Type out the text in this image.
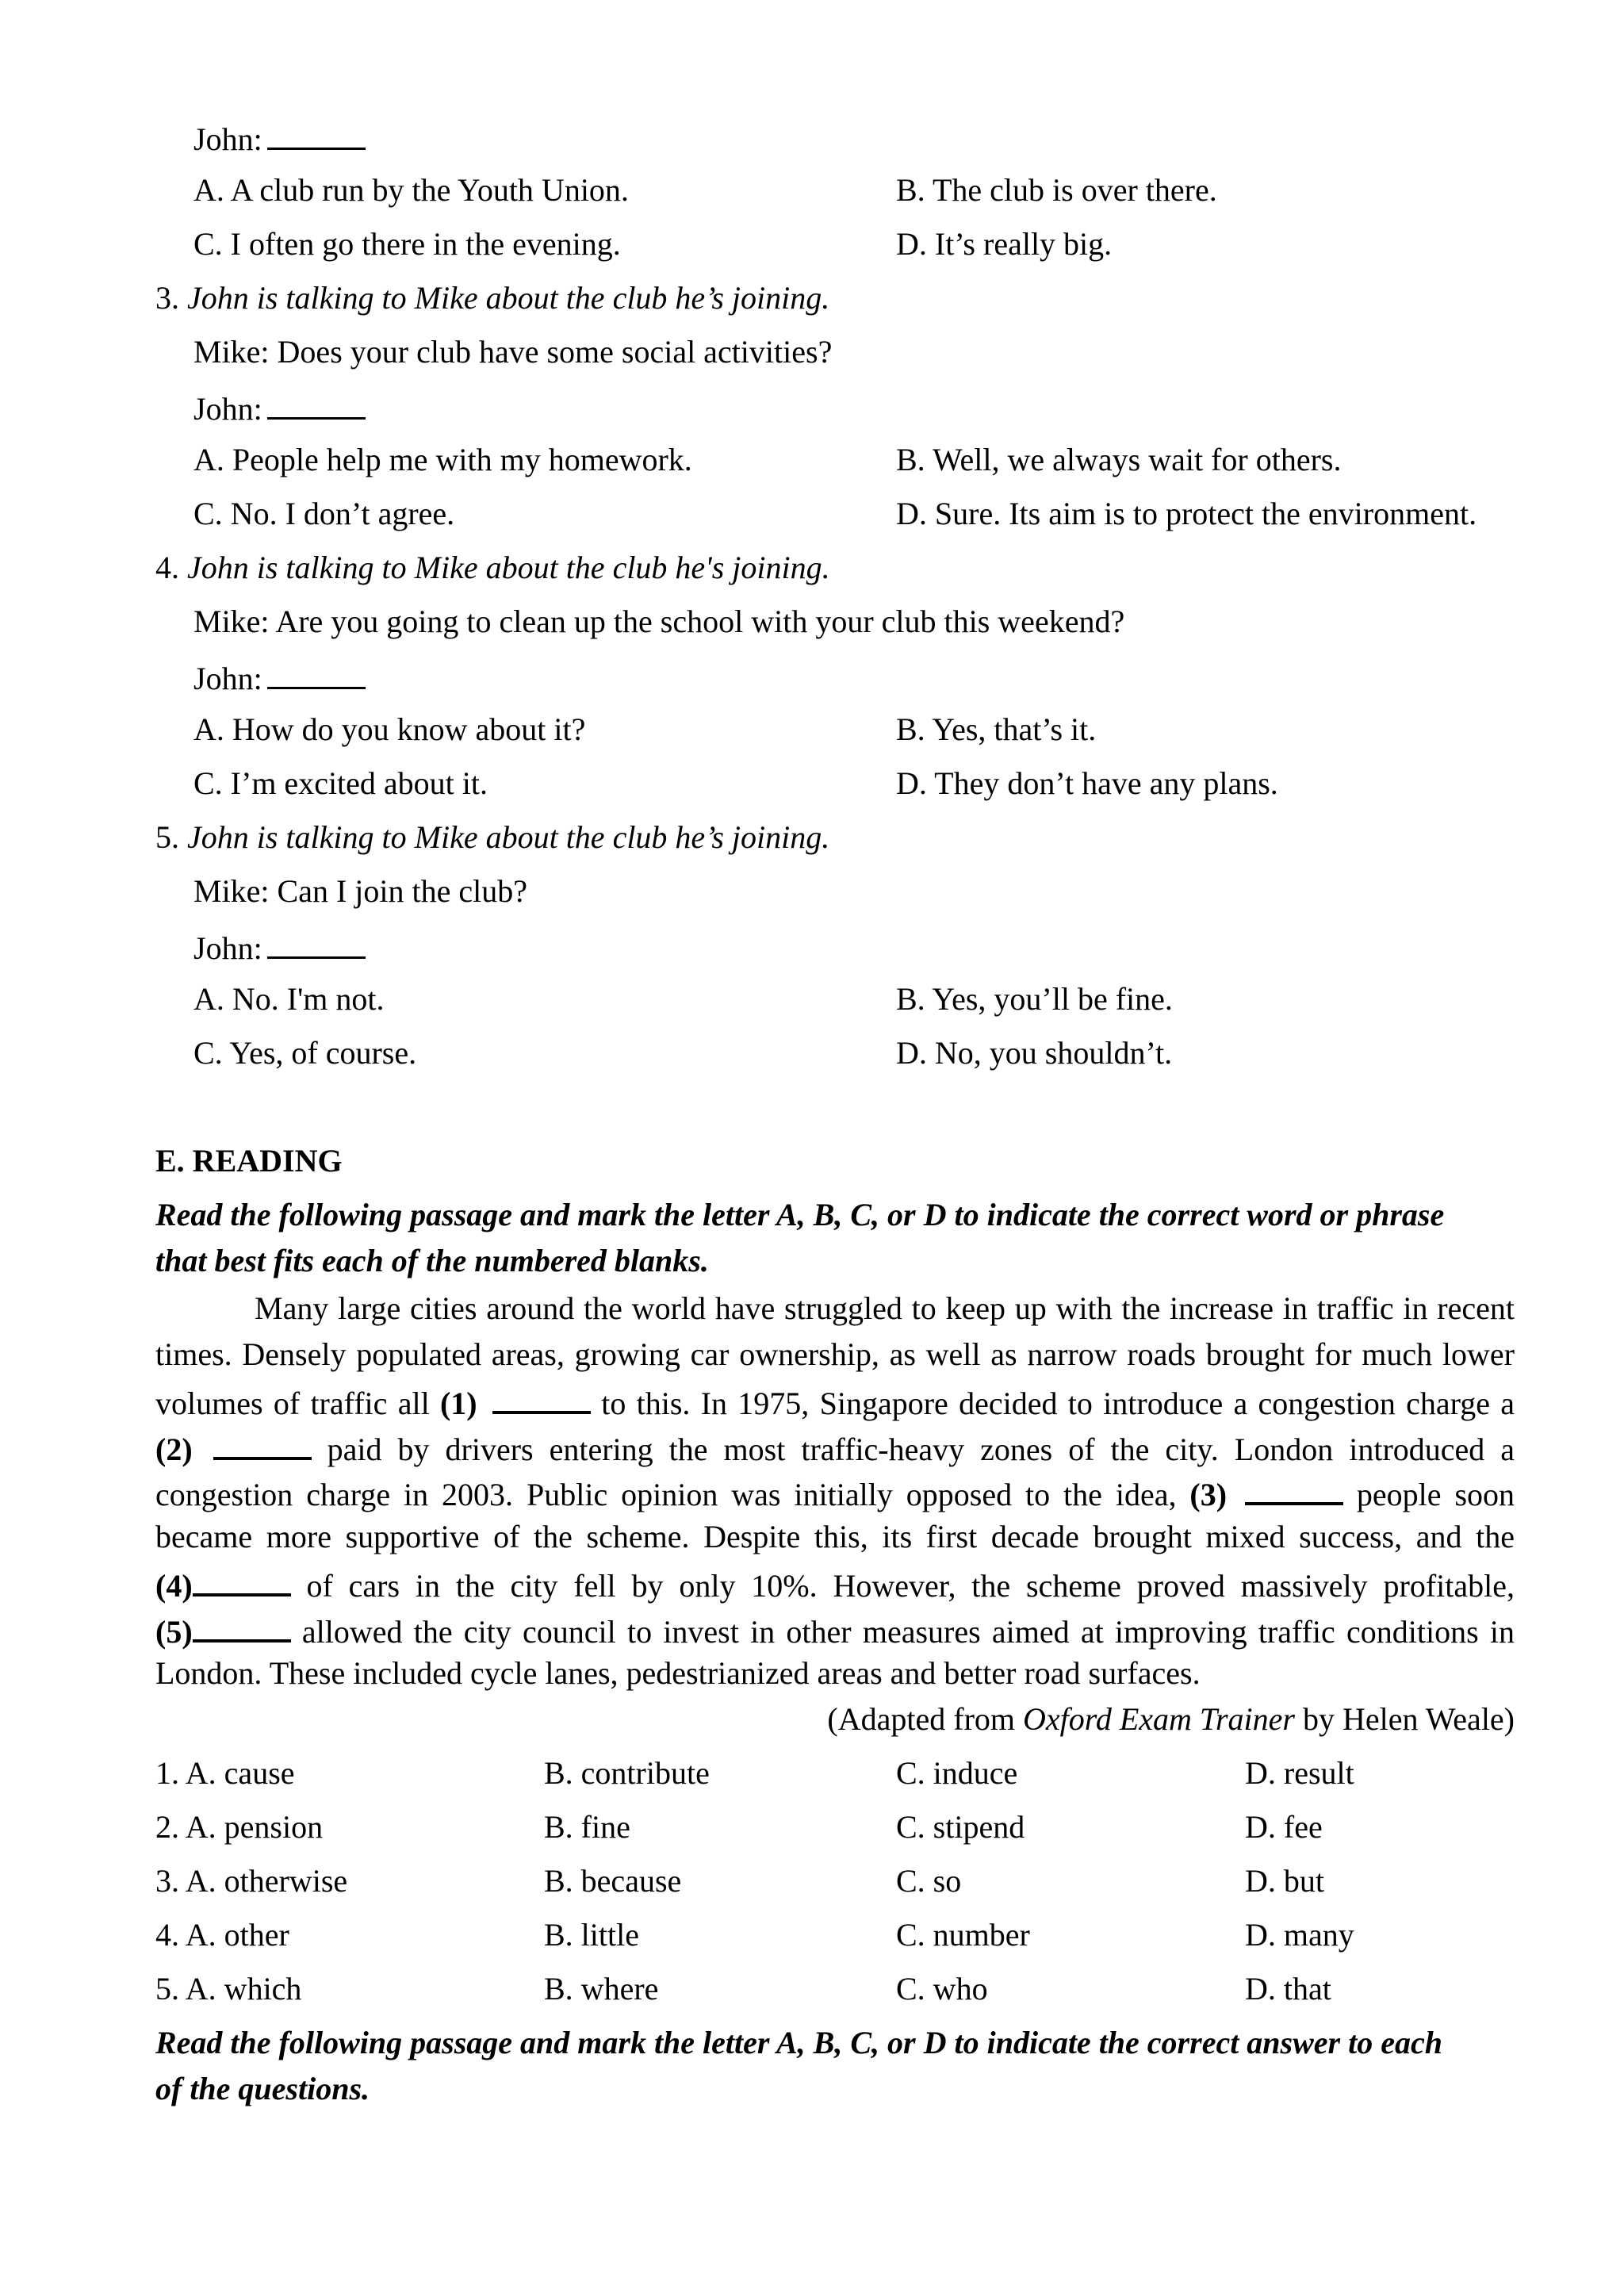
John:
A. A club run by the Youth Union.	B. The club is over there.
C. I often go there in the evening.	D. It’s really big.
3. John is talking to Mike about the club he’s joining.
Mike: Does your club have some social activities?
John:
A. People help me with my homework.	B. Well, we always wait for others.
C. No. I don’t agree.	D. Sure. Its aim is to protect the environment.
4. John is talking to Mike about the club he's joining.
Mike: Are you going to clean up the school with your club this weekend?
John:
A. How do you know about it?	B. Yes, that’s it.
C. I’m excited about it.	D. They don’t have any plans.
5. John is talking to Mike about the club he’s joining.
Mike: Can I join the club?
John:
A. No. I'm not.	B. Yes, you’ll be fine.
C. Yes, of course.	D. No, you shouldn’t.
E. READING
Read the following passage and mark the letter A, B, C, or D to indicate the correct word or phrase
that best fits each of the numbered blanks.
Many large cities around the world have struggled to keep up with the increase in traffic in recent
times. Densely populated areas, growing car ownership, as well as narrow roads brought for much lower
volumes of traffic all (1)	to this. In 1975, Singapore decided to introduce a congestion charge a
(2)	paid by drivers entering the most traffic-heavy zones of the city. London introduced a
congestion charge in 2003. Public opinion was initially opposed to the idea, (3)	people soon
became more supportive of the scheme. Despite this, its first decade brought mixed success, and the
(4)	of cars in the city fell by only 10%. However, the scheme proved massively profitable,
(5)	allowed the city council to invest in other measures aimed at improving traffic conditions in
London. These included cycle lanes, pedestrianized areas and better road surfaces.
(Adapted from Oxford Exam Trainer by Helen Weale)
1. A. cause	B. contribute	C. induce	D. result
2. A. pension	B. fine	C. stipend	D. fee
3. A. otherwise	B. because	C. so	D. but
4. A. other	B. little	C. number	D. many
5. A. which	B. where	C. who	D. that
Read the following passage and mark the letter A, B, C, or D to indicate the correct answer to each
of the questions.
